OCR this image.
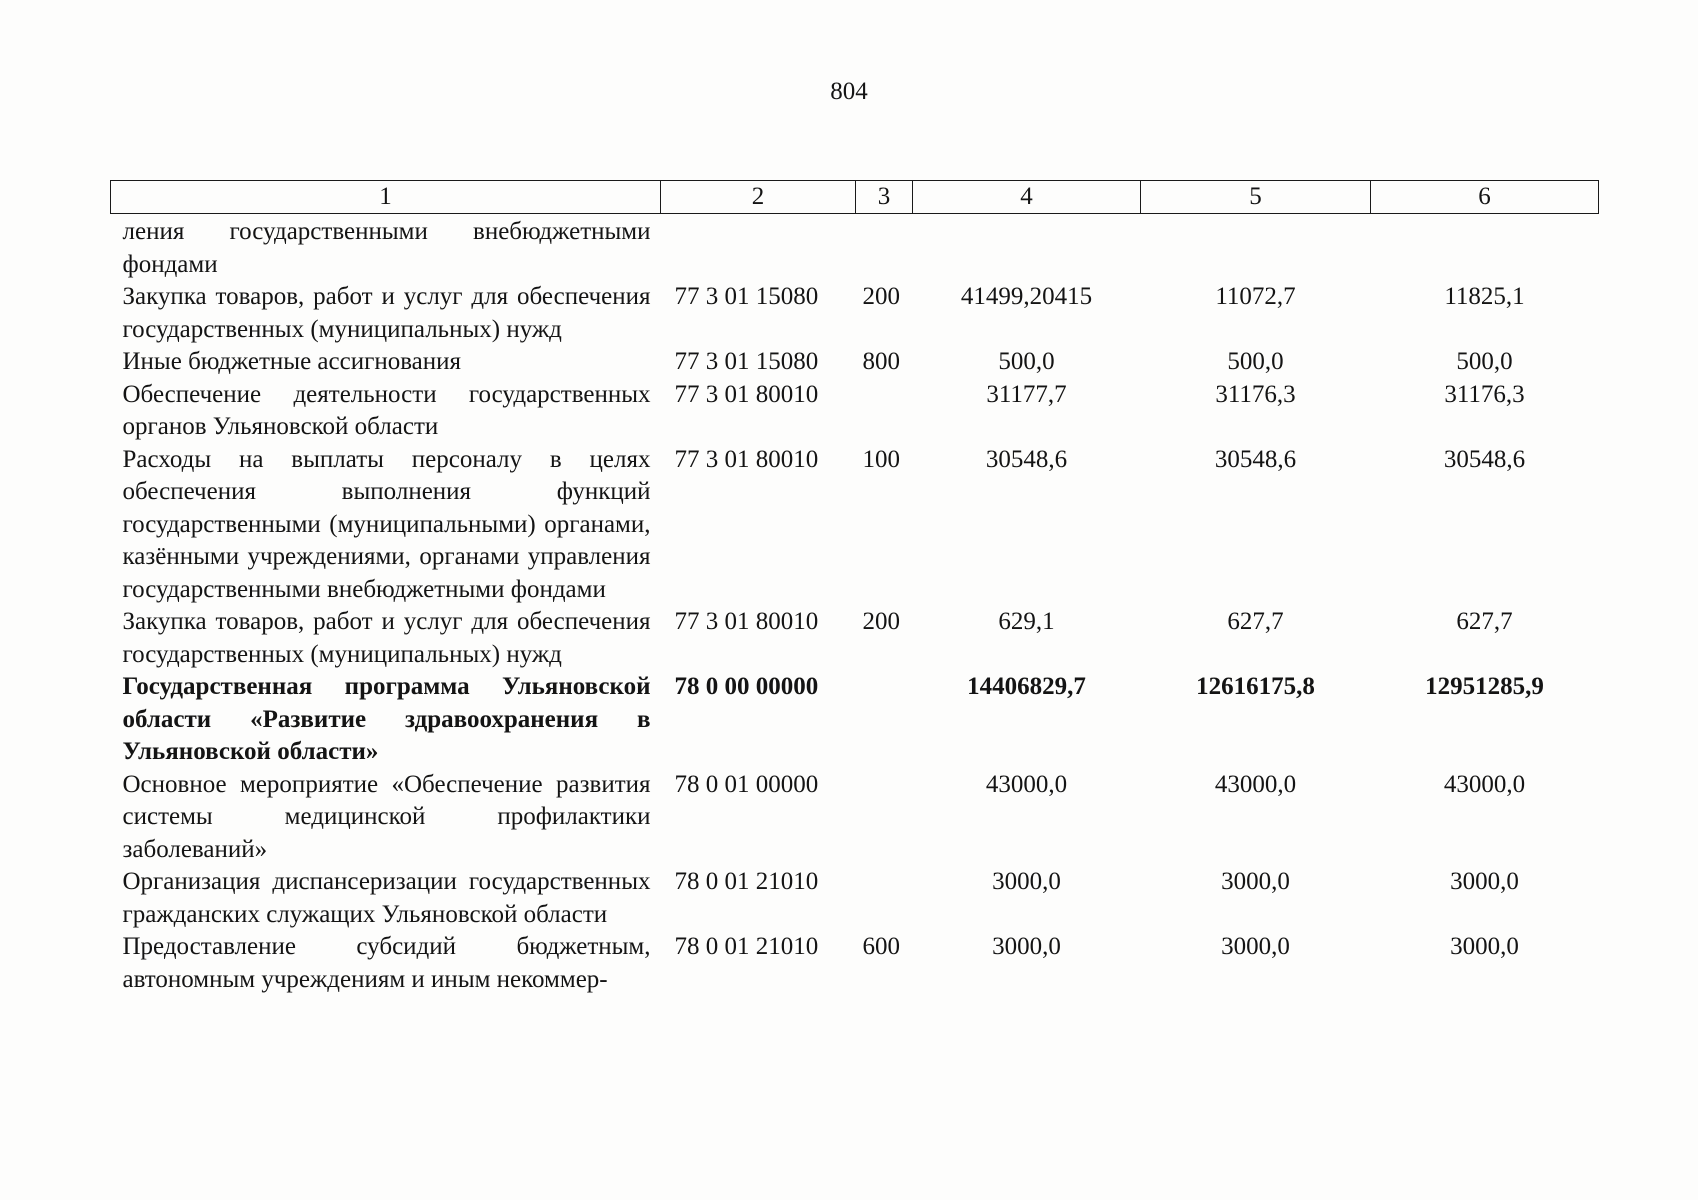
804
1	2	3	4	5	6
ления государственными внебюджетными фондами					
Закупка товаров, работ и услуг для обеспечения государственных (муниципальных) нужд	77 3 01 15080	200	41499,20415	11072,7	11825,1
Иные бюджетные ассигнования	77 3 01 15080	800	500,0	500,0	500,0
Обеспечение деятельности государственных органов Ульяновской области	77 3 01 80010		31177,7	31176,3	31176,3
Расходы на выплаты персоналу в целях обеспечения выполнения функций государственными (муниципальными) органами, казёнными учреждениями, органами управления государственными внебюджетными фондами	77 3 01 80010	100	30548,6	30548,6	30548,6
Закупка товаров, работ и услуг для обеспечения государственных (муниципальных) нужд	77 3 01 80010	200	629,1	627,7	627,7
Государственная программа Ульяновской области «Развитие здравоохранения в Ульяновской области»	78 0 00 00000		14406829,7	12616175,8	12951285,9
Основное мероприятие «Обеспечение развития системы медицинской профилактики заболеваний»	78 0 01 00000		43000,0	43000,0	43000,0
Организация диспансеризации государственных гражданских служащих Ульяновской области	78 0 01 21010		3000,0	3000,0	3000,0
Предоставление субсидий бюджетным, автономным учреждениям и иным некоммер-	78 0 01 21010	600	3000,0	3000,0	3000,0
